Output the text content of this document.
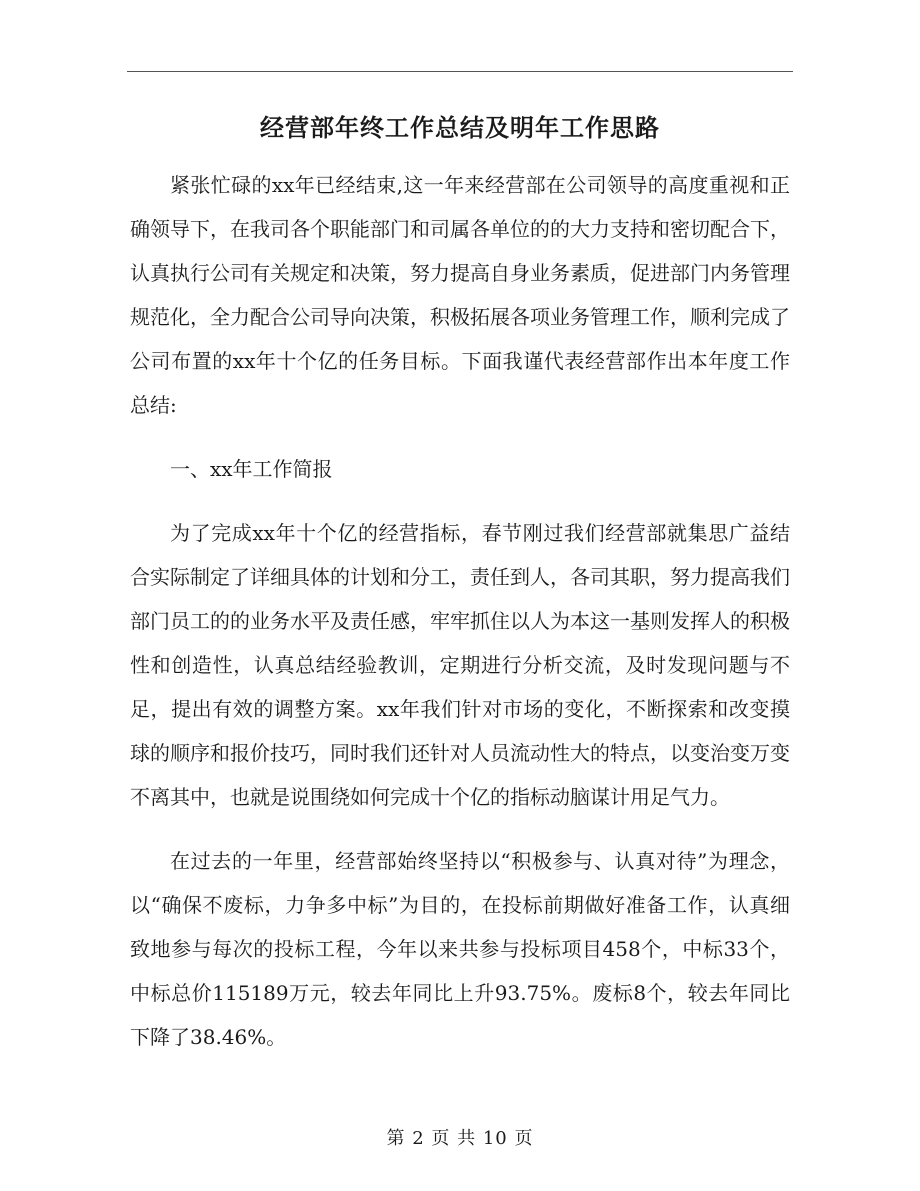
经营部年终工作总结及明年工作思路

紧张忙碌的xx年已经结束,这一年来经营部在公司领导的高度重视和正确领导下，在我司各个职能部门和司属各单位的的大力支持和密切配合下，认真执行公司有关规定和决策，努力提高自身业务素质，促进部门内务管理规范化，全力配合公司导向决策，积极拓展各项业务管理工作，顺利完成了公司布置的xx年十个亿的任务目标。下面我谨代表经营部作出本年度工作总结:

一、xx年工作简报

为了完成xx年十个亿的经营指标，春节刚过我们经营部就集思广益结合实际制定了详细具体的计划和分工，责任到人，各司其职，努力提高我们部门员工的的业务水平及责任感，牢牢抓住以人为本这一基则发挥人的积极性和创造性，认真总结经验教训，定期进行分析交流，及时发现问题与不足，提出有效的调整方案。xx年我们针对市场的变化，不断探索和改变摸球的顺序和报价技巧，同时我们还针对人员流动性大的特点，以变治变万变不离其中，也就是说围绕如何完成十个亿的指标动脑谋计用足气力。

在过去的一年里，经营部始终坚持以“积极参与、认真对待”为理念，以“确保不废标，力争多中标”为目的，在投标前期做好准备工作，认真细致地参与每次的投标工程，今年以来共参与投标项目458个，中标33个，中标总价115189万元，较去年同比上升93.75%。废标8个，较去年同比下降了38.46%。

第 2 页 共 10 页
